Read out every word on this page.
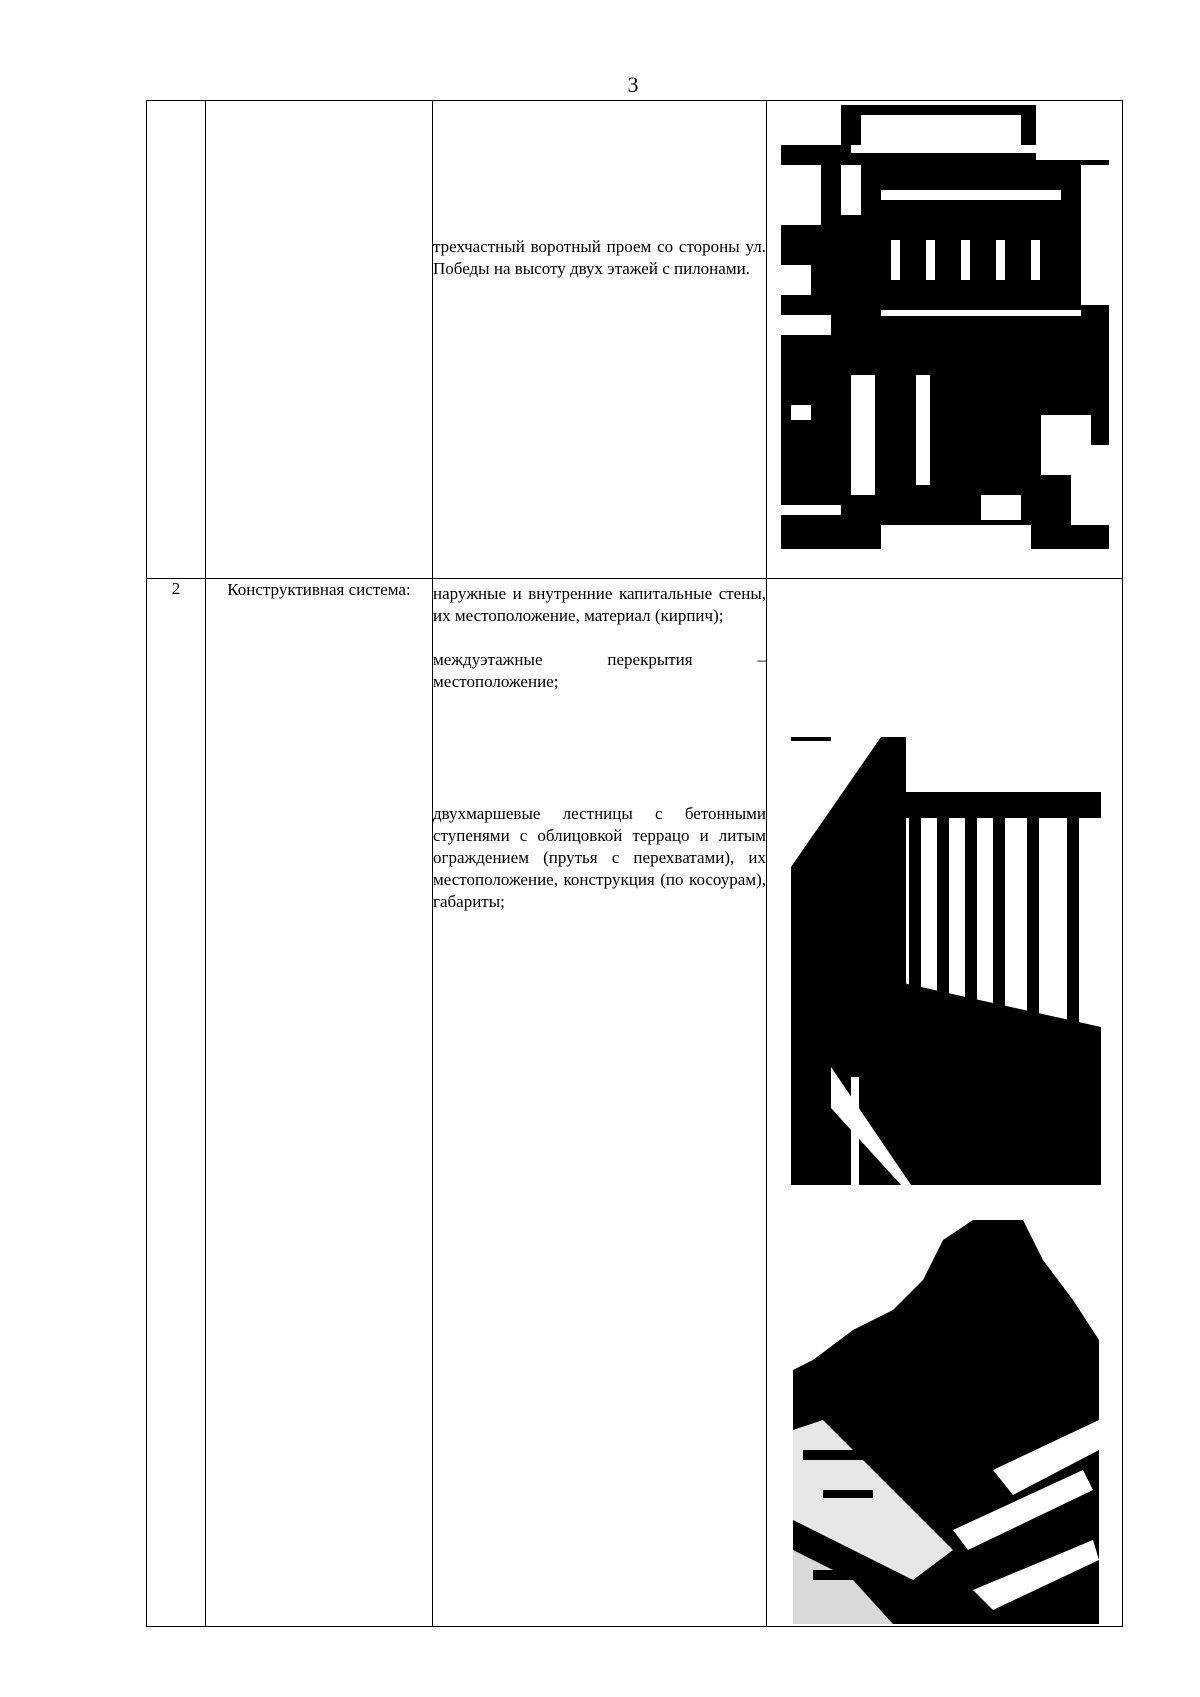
3

		трехчастный воротный проем со стороны ул. Победы на высоту двух этажей с пилонами.

2	Конструктивная система:	наружные и внутренние капитальные стены, их местоположение, материал (кирпич);

междуэтажные перекрытия – местоположение;

двухмаршевые лестницы с бетонными ступенями с облицовкой террацо и литым ограждением (прутья с перехватами), их местоположение, конструкция (по косоурам), габариты;
